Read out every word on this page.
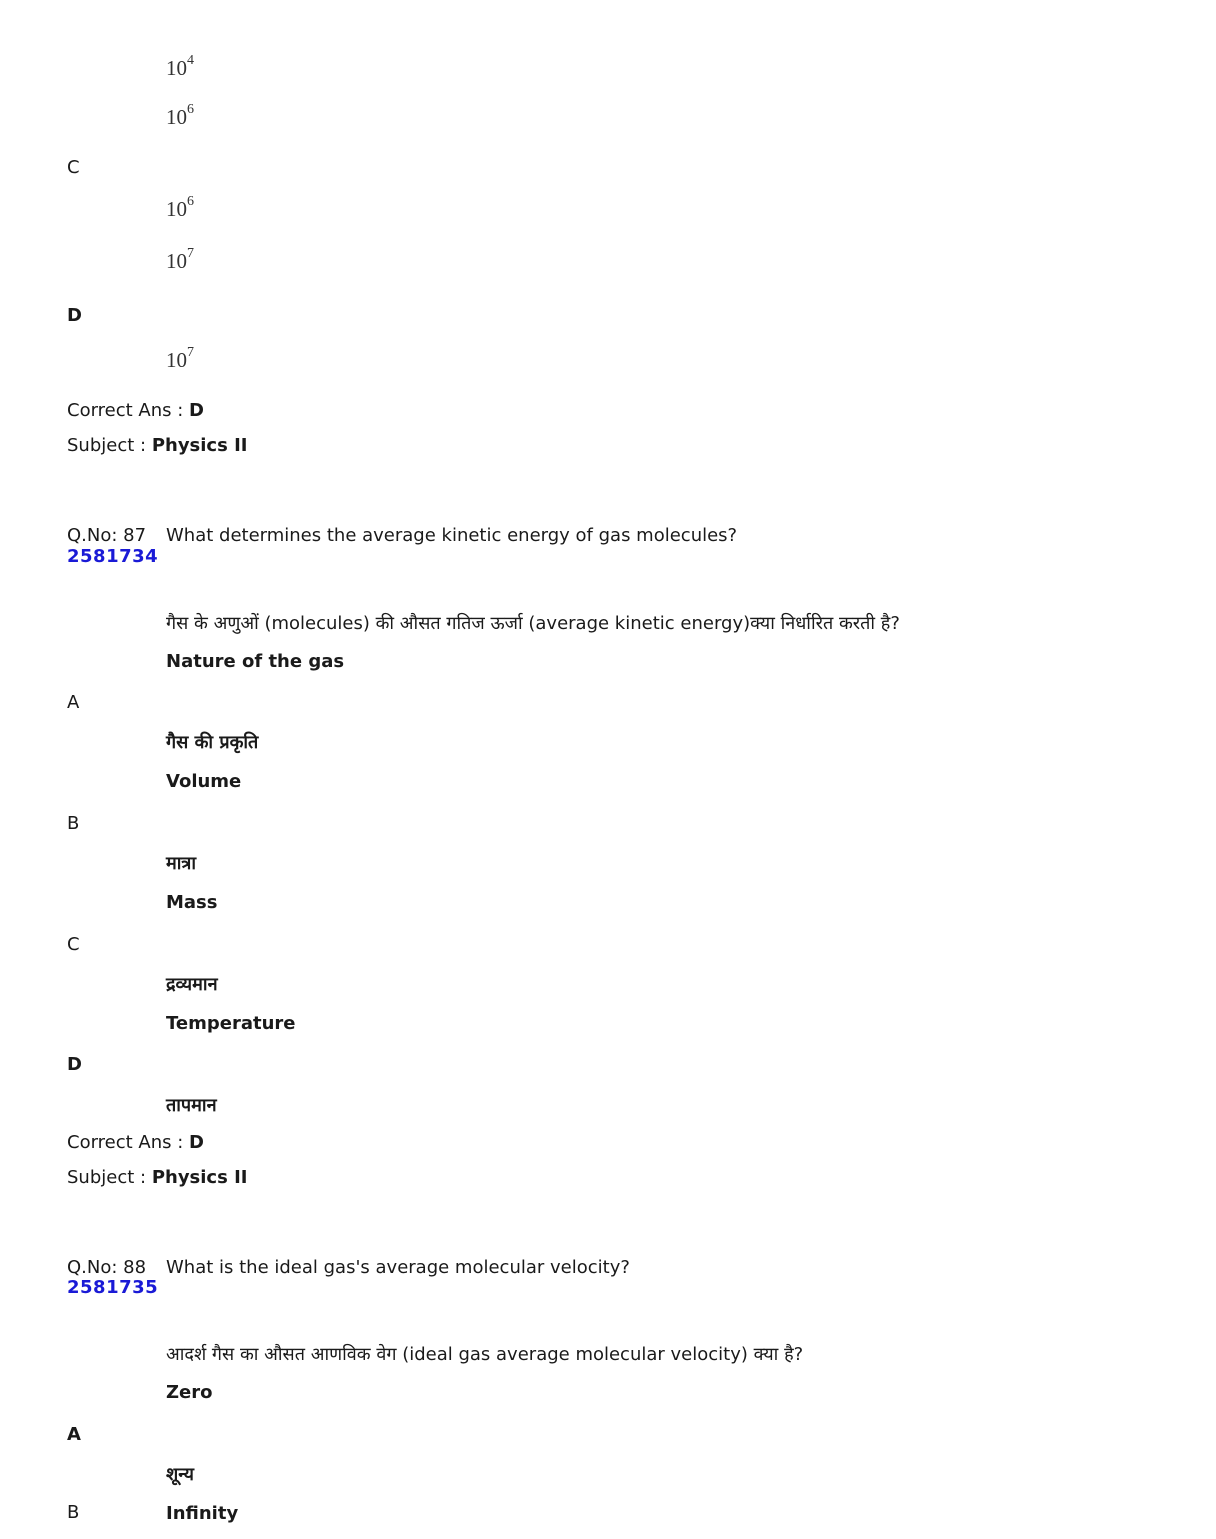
$10^4$
$10^6$
C
$10^6$
$10^7$
D
$10^7$
Correct Ans : D
Subject : Physics II
Q.No: 87
2581734
What determines the average kinetic energy of gas molecules?
गैस के अणुओं (molecules) की औसत गतिज ऊर्जा (average kinetic energy)क्या निर्धारित करती है?
Nature of the gas
A
गैस की प्रकृति
Volume
B
मात्रा
Mass
C
द्रव्यमान
Temperature
D
तापमान
Correct Ans : D
Subject : Physics II
Q.No: 88
2581735
What is the ideal gas's average molecular velocity?
आदर्श गैस का औसत आणविक वेग (ideal gas average molecular velocity) क्या है?
Zero
A
शून्य
B	Infinity
